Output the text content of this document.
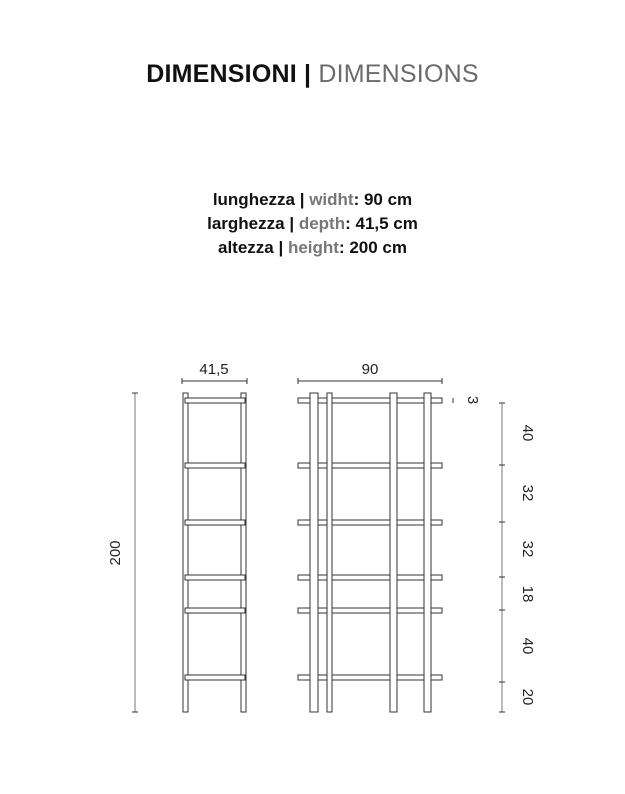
DIMENSIONI | DIMENSIONS
lunghezza | widht: 90 cm
larghezza | depth: 41,5 cm
altezza | height: 200 cm
200
41,5	90
3
40
32
32
18
40
20
